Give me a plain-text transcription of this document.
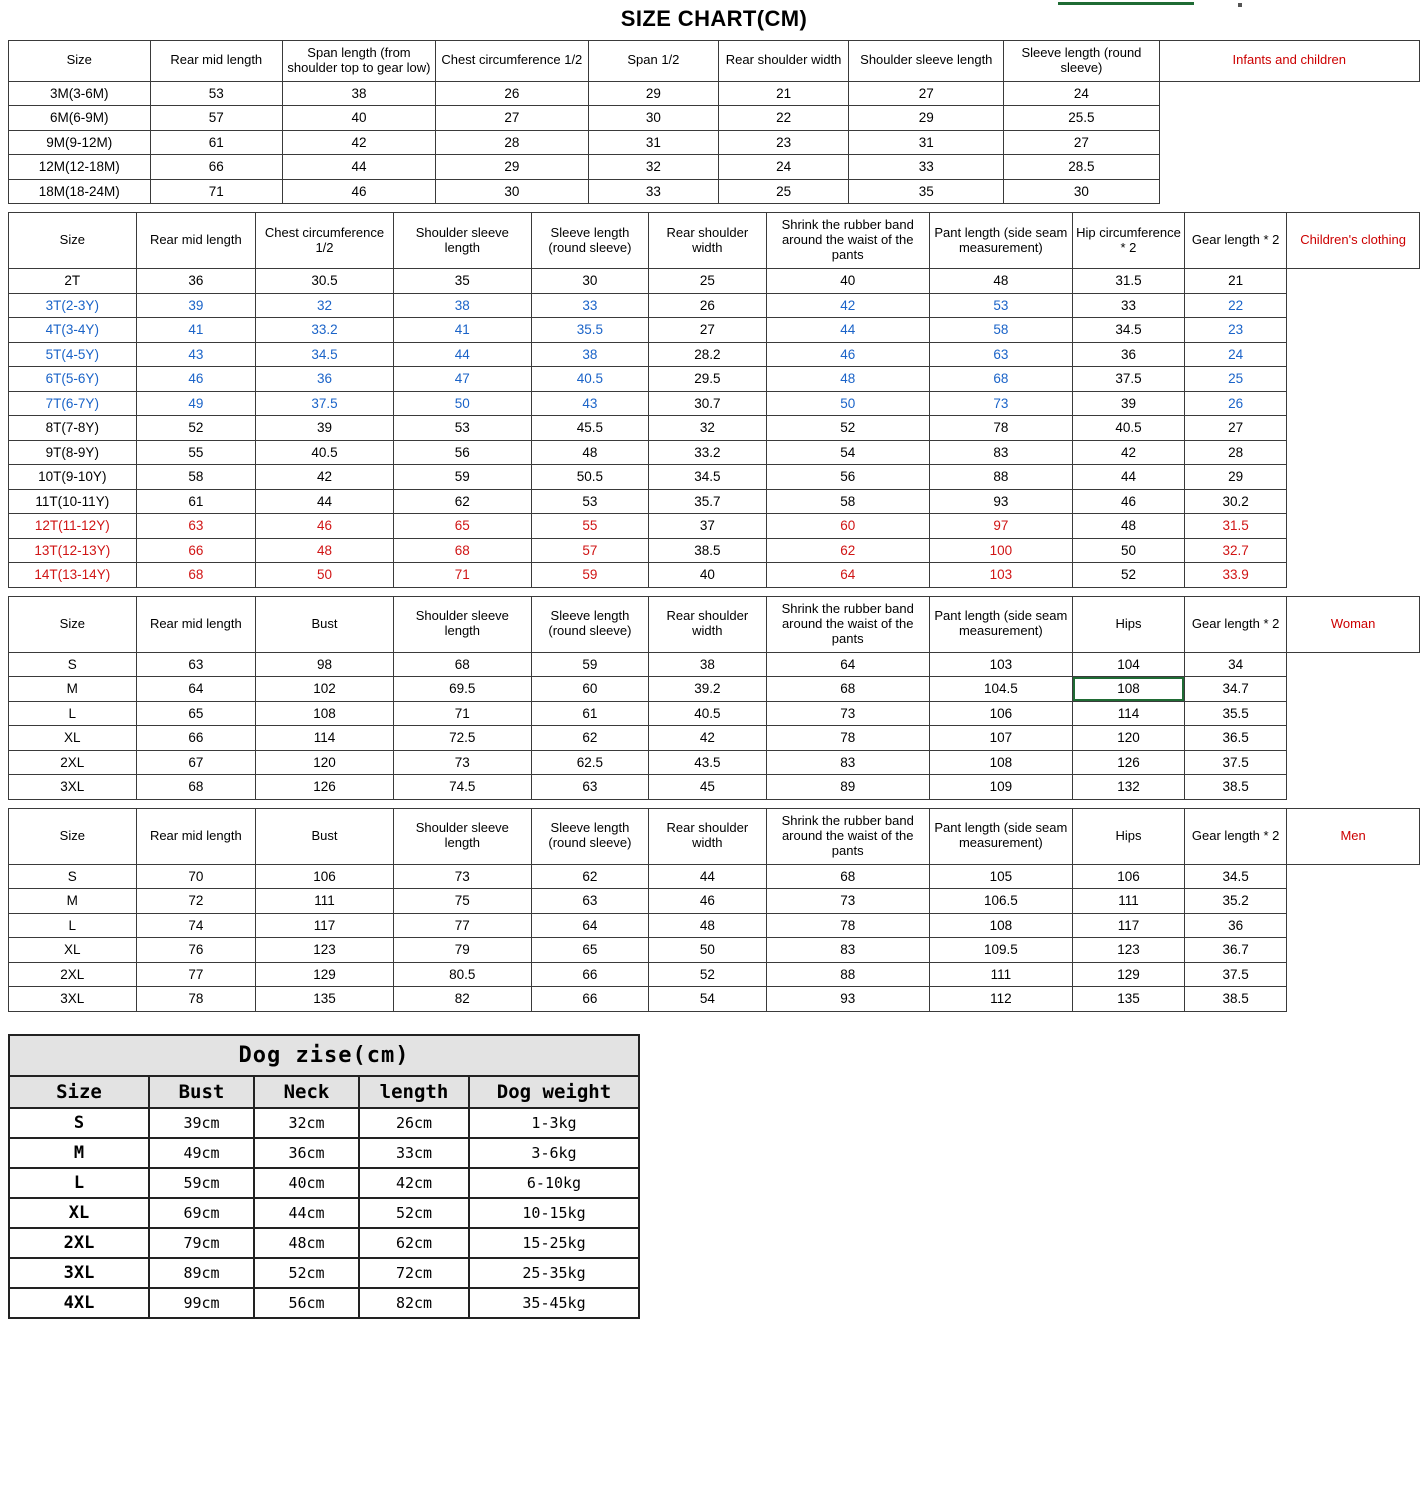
SIZE CHART(CM)
Size	Rear mid length	Span length (from shoulder top to gear low)	Chest circumference 1/2	Span 1/2	Rear shoulder width	Shoulder sleeve length	Sleeve length (round sleeve)	Infants and children
3M(3-6M)	53	38	26	29	21	27	24	
6M(6-9M)	57	40	27	30	22	29	25.5	
9M(9-12M)	61	42	28	31	23	31	27	
12M(12-18M)	66	44	29	32	24	33	28.5	
18M(18-24M)	71	46	30	33	25	35	30	
Size	Rear mid length	Chest circumference 1/2	Shoulder sleeve length	Sleeve length (round sleeve)	Rear shoulder width	Shrink the rubber band around the waist of the pants	Pant length (side seam measurement)	Hip circumference * 2	Gear length * 2	Children's clothing
2T	36	30.5	35	30	25	40	48	31.5	21	
3T(2-3Y)	39	32	38	33	26	42	53	33	22	
4T(3-4Y)	41	33.2	41	35.5	27	44	58	34.5	23	
5T(4-5Y)	43	34.5	44	38	28.2	46	63	36	24	
6T(5-6Y)	46	36	47	40.5	29.5	48	68	37.5	25	
7T(6-7Y)	49	37.5	50	43	30.7	50	73	39	26	
8T(7-8Y)	52	39	53	45.5	32	52	78	40.5	27	
9T(8-9Y)	55	40.5	56	48	33.2	54	83	42	28	
10T(9-10Y)	58	42	59	50.5	34.5	56	88	44	29	
11T(10-11Y)	61	44	62	53	35.7	58	93	46	30.2	
12T(11-12Y)	63	46	65	55	37	60	97	48	31.5	
13T(12-13Y)	66	48	68	57	38.5	62	100	50	32.7	
14T(13-14Y)	68	50	71	59	40	64	103	52	33.9	
Size	Rear mid length	Bust	Shoulder sleeve length	Sleeve length (round sleeve)	Rear shoulder width	Shrink the rubber band around the waist of the pants	Pant length (side seam measurement)	Hips	Gear length * 2	Woman
S	63	98	68	59	38	64	103	104	34	
M	64	102	69.5	60	39.2	68	104.5	108	34.7	
L	65	108	71	61	40.5	73	106	114	35.5	
XL	66	114	72.5	62	42	78	107	120	36.5	
2XL	67	120	73	62.5	43.5	83	108	126	37.5	
3XL	68	126	74.5	63	45	89	109	132	38.5	
Size	Rear mid length	Bust	Shoulder sleeve length	Sleeve length (round sleeve)	Rear shoulder width	Shrink the rubber band around the waist of the pants	Pant length (side seam measurement)	Hips	Gear length * 2	Men
S	70	106	73	62	44	68	105	106	34.5	
M	72	111	75	63	46	73	106.5	111	35.2	
L	74	117	77	64	48	78	108	117	36	
XL	76	123	79	65	50	83	109.5	123	36.7	
2XL	77	129	80.5	66	52	88	111	129	37.5	
3XL	78	135	82	66	54	93	112	135	38.5	
Dog zise(cm)				
Size	Bust	Neck	length	Dog weight
S	39cm	32cm	26cm	1-3kg
M	49cm	36cm	33cm	3-6kg
L	59cm	40cm	42cm	6-10kg
XL	69cm	44cm	52cm	10-15kg
2XL	79cm	48cm	62cm	15-25kg
3XL	89cm	52cm	72cm	25-35kg
4XL	99cm	56cm	82cm	35-45kg
